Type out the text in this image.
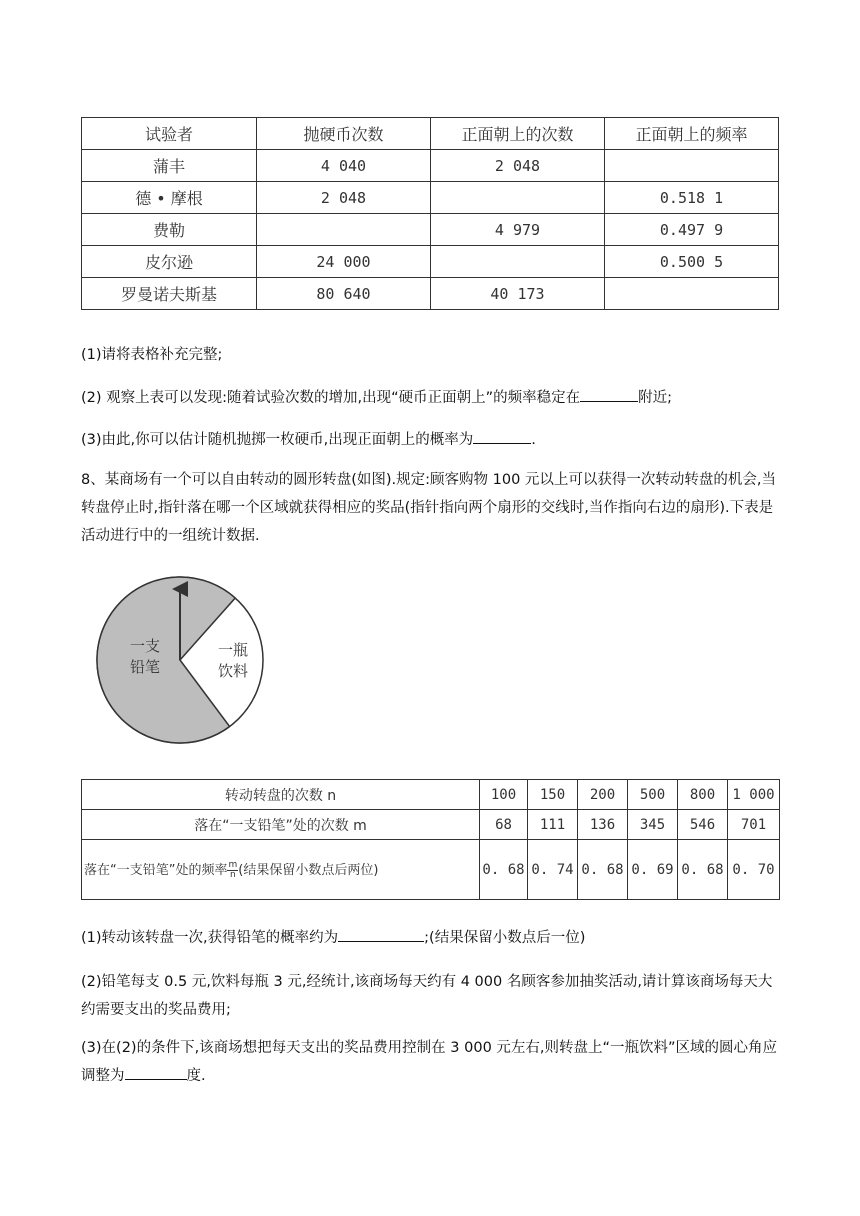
试验者	抛硬币次数	正面朝上的次数	正面朝上的频率
蒲丰	4 040	2 048	
德 • 摩根	2 048		0.518 1
费勒		4 979	0.497 9
皮尔逊	24 000		0.500 5
罗曼诺夫斯基	80 640	40 173	
(1)请将表格补充完整;
(2) 观察上表可以发现:随着试验次数的增加,出现“硬币正面朝上”的频率稳定在	附近;
(3)由此,你可以估计随机抛掷一枚硬币,出现正面朝上的概率为	.
8、某商场有一个可以自由转动的圆形转盘(如图).规定:顾客购物 100 元以上可以获得一次转动转盘的机会,当转盘停止时,指针落在哪一个区域就获得相应的奖品(指针指向两个扇形的交线时,当作指向右边的扇形).下表是活动进行中的一组统计数据.
一支
铅笔
一瓶
饮料
转动转盘的次数 n	100	150	200	500	800	1 000
落在“一支铅笔”处的次数 m	68	111	136	345	546	701
落在“一支铅笔”处的频率 $\frac{m}{n}$ (结果保留小数点后两位)	0. 68	0. 74	0. 68	0. 69	0. 68	0. 70
(1)转动该转盘一次,获得铅笔的概率约为	;(结果保留小数点后一位)
(2)铅笔每支 0.5 元,饮料每瓶 3 元,经统计,该商场每天约有 4 000 名顾客参加抽奖活动,请计算该商场每天大约需要支出的奖品费用;
(3)在(2)的条件下,该商场想把每天支出的奖品费用控制在 3 000 元左右,则转盘上“一瓶饮料”区域的圆心角应调整为	度.
